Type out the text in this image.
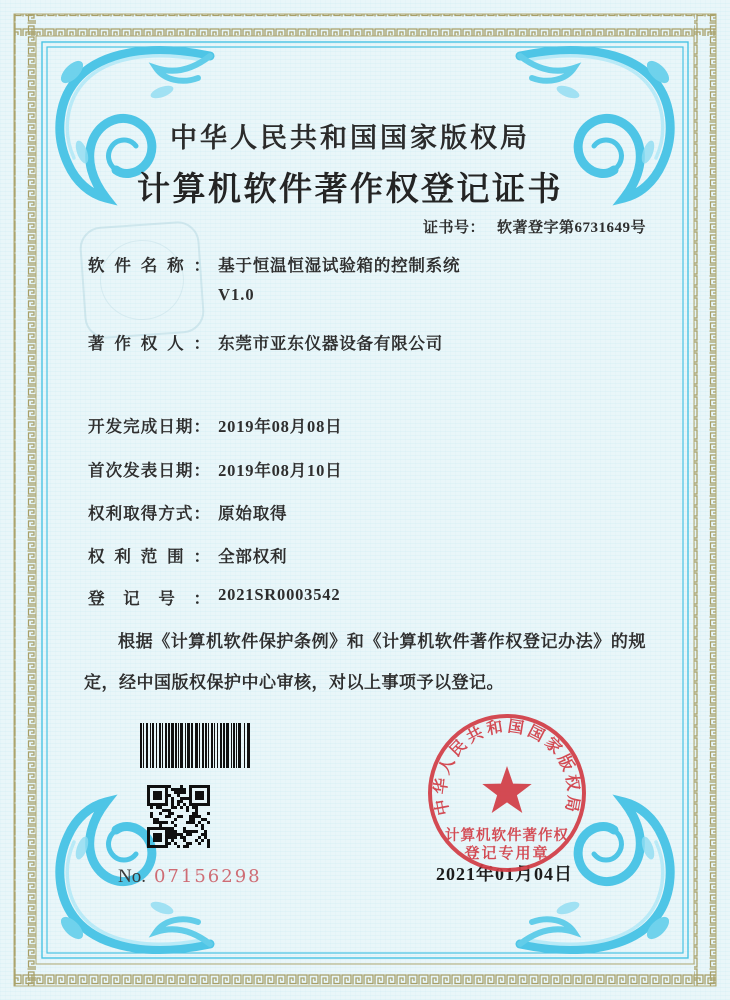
中华人民共和国国家版权局
计算机软件著作权登记证书
证书号： 软著登字第6731649号
软件名称： 基于恒温恒湿试验箱的控制系统
V1.0
著作权人： 东莞市亚东仪器设备有限公司
开发完成日期： 2019年08月08日
首次发表日期： 2019年08月10日
权利取得方式： 原始取得
权利范围： 全部权利
登记号： 2021SR0003542
根据《计算机软件保护条例》和《计算机软件著作权登记办法》的规定，经中国版权保护中心审核，对以上事项予以登记。
No. 07156298
中华人民共和国国家版权局
计算机软件著作权
登记专用章
2021年01月04日
